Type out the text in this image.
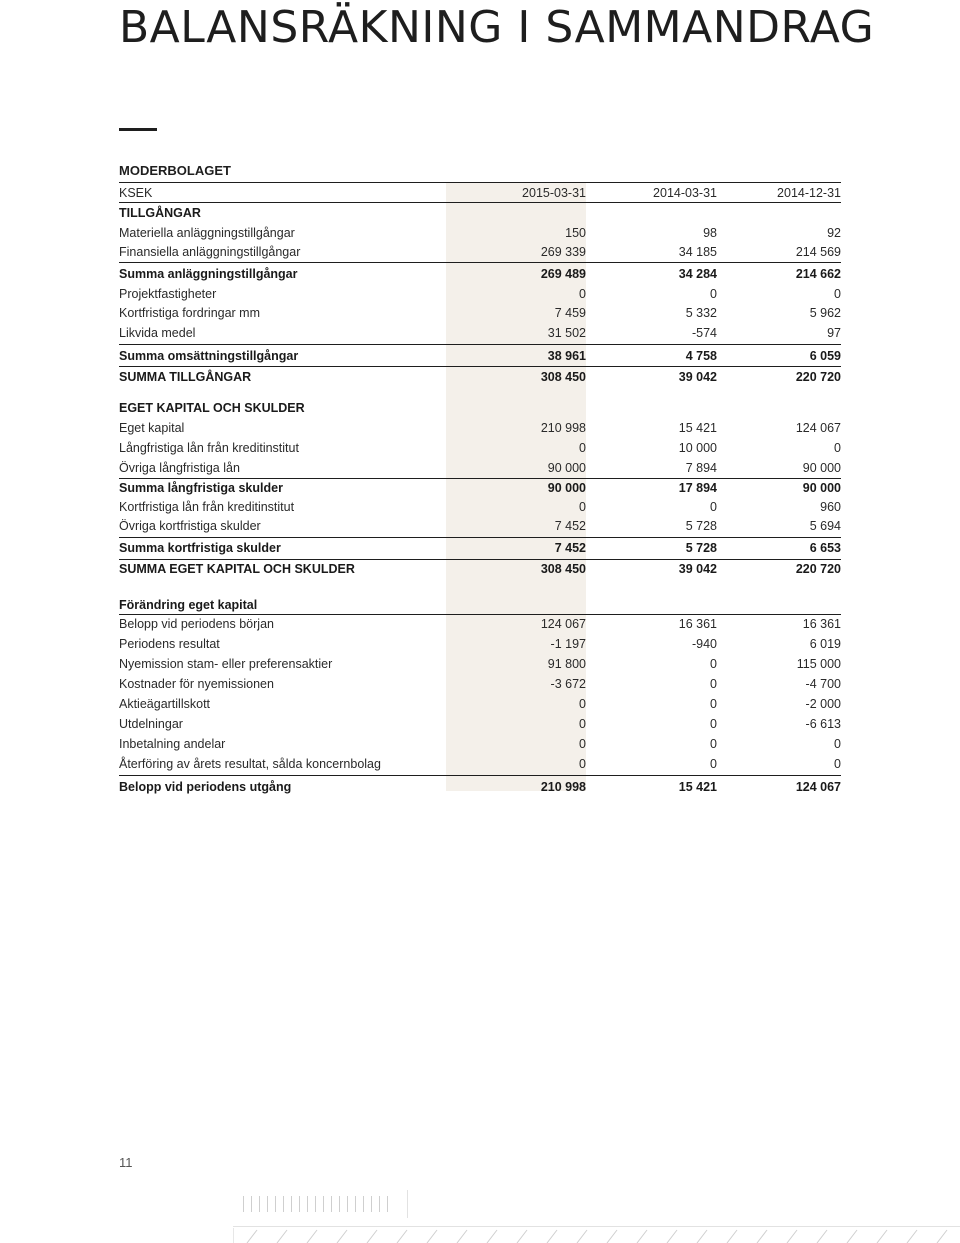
BALANSRÄKNING I SAMMANDRAG
MODERBOLAGET
KSEK	2015-03-31	2014-03-31	2014-12-31
TILLGÅNGAR			
Materiella anläggningstillgångar	150	98	92
Finansiella anläggningstillgångar	269 339	34 185	214 569
Summa anläggningstillgångar	269 489	34 284	214 662
Projektfastigheter	0	0	0
Kortfristiga fordringar mm	7 459	5 332	5 962
Likvida medel	31 502	-574	97
Summa omsättningstillgångar	38 961	4 758	6 059
SUMMA TILLGÅNGAR	308 450	39 042	220 720
EGET KAPITAL OCH SKULDER			
Eget kapital	210 998	15 421	124 067
Långfristiga lån från kreditinstitut	0	10 000	0
Övriga långfristiga lån	90 000	7 894	90 000
Summa långfristiga skulder	90 000	17 894	90 000
Kortfristiga lån från kreditinstitut	0	0	960
Övriga kortfristiga skulder	7 452	5 728	5 694
Summa kortfristiga skulder	7 452	5 728	6 653
SUMMA EGET KAPITAL OCH SKULDER	308 450	39 042	220 720
Förändring eget kapital			
Belopp vid periodens början	124 067	16 361	16 361
Periodens resultat	-1 197	-940	6 019
Nyemission stam- eller preferensaktier	91 800	0	115 000
Kostnader för nyemissionen	-3 672	0	-4 700
Aktieägartillskott	0	0	-2 000
Utdelningar	0	0	-6 613
Inbetalning andelar	0	0	0
Återföring av årets resultat, sålda koncernbolag	0	0	0
Belopp vid periodens utgång	210 998	15 421	124 067
11
